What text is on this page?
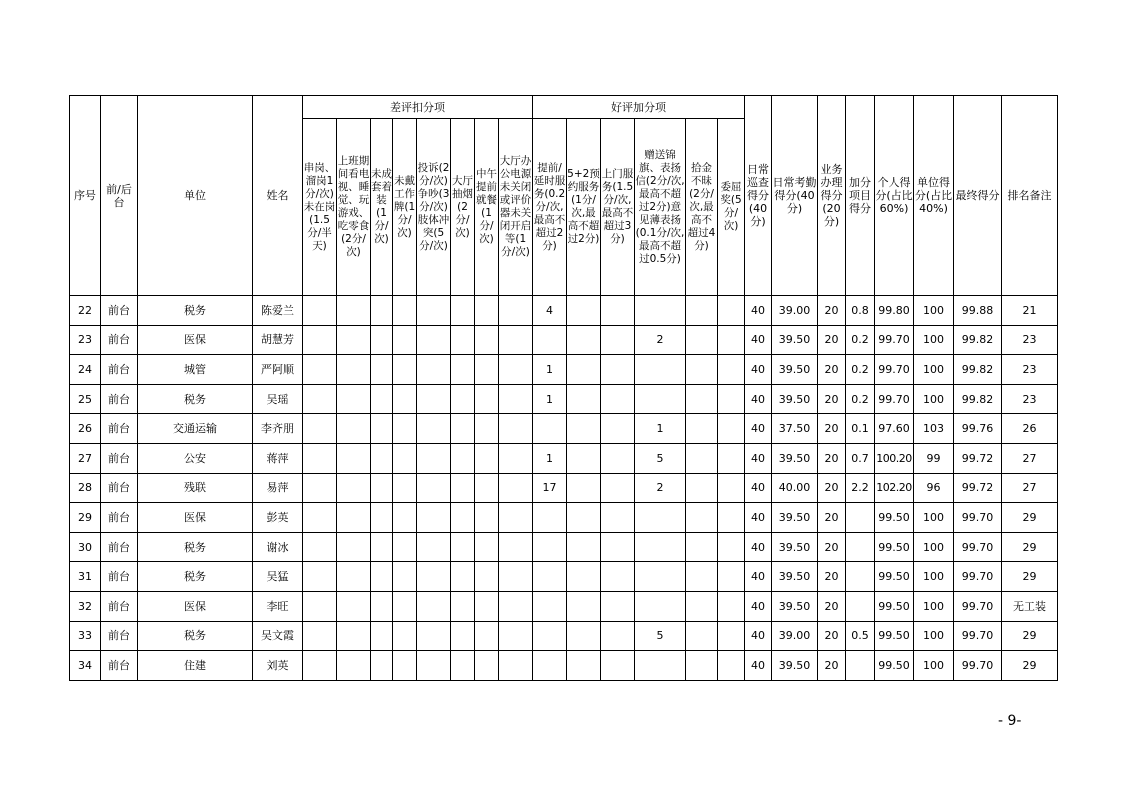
序号	前/后台	单位	姓名	差评扣分项								好评加分项						日常巡查得分(40分)	日常考勤得分(40分)	业务办理得分(20分)	加分项目得分	个人得分(占比60%)	单位得分(占比40%)	最终得分	排名备注
				串岗、溜岗1分/次)未在岗(1.5分/半天)	上班期间看电视、睡觉、玩游戏、吃零食(2分/次)	未成套着装(1分/次)	未戴工作牌(1分/次)	投诉(2分/次)争吵(3分/次)肢体冲突(5分/次)	大厅抽烟(2分/次)	中午提前就餐(1分/次)	大厅办公电源未关闭或评价器未关闭开启等(1分/次)	提前/延时服务(0.2分/次,最高不超过2分)	5+2预约服务(1分/次,最高不超过2分)	上门服务(1.5分/次,最高不超过3分)	赠送锦旗、表扬信(2分/次,最高不超过2分)意见薄表扬(0.1分/次,最高不超过0.5分)	拾金不昧(2分/次,最高不超过4分)	委屈奖(5分/次)								
22	前台	税务	陈爱兰									4						40	39.00	20	0.8	99.80	100	99.88	21
23	前台	医保	胡慧芳												2			40	39.50	20	0.2	99.70	100	99.82	23
24	前台	城管	严阿顺									1						40	39.50	20	0.2	99.70	100	99.82	23
25	前台	税务	吴瑶									1						40	39.50	20	0.2	99.70	100	99.82	23
26	前台	交通运输	李齐朋												1			40	37.50	20	0.1	97.60	103	99.76	26
27	前台	公安	蒋萍									1			5			40	39.50	20	0.7	100.20	99	99.72	27
28	前台	残联	易萍									17			2			40	40.00	20	2.2	102.20	96	99.72	27
29	前台	医保	彭英															40	39.50	20		99.50	100	99.70	29
30	前台	税务	谢冰															40	39.50	20		99.50	100	99.70	29
31	前台	税务	吴猛															40	39.50	20		99.50	100	99.70	29
32	前台	医保	李旺															40	39.50	20		99.50	100	99.70	无工装
33	前台	税务	吴文霞												5			40	39.00	20	0.5	99.50	100	99.70	29
34	前台	住建	刘英															40	39.50	20		99.50	100	99.70	29
- 9-
